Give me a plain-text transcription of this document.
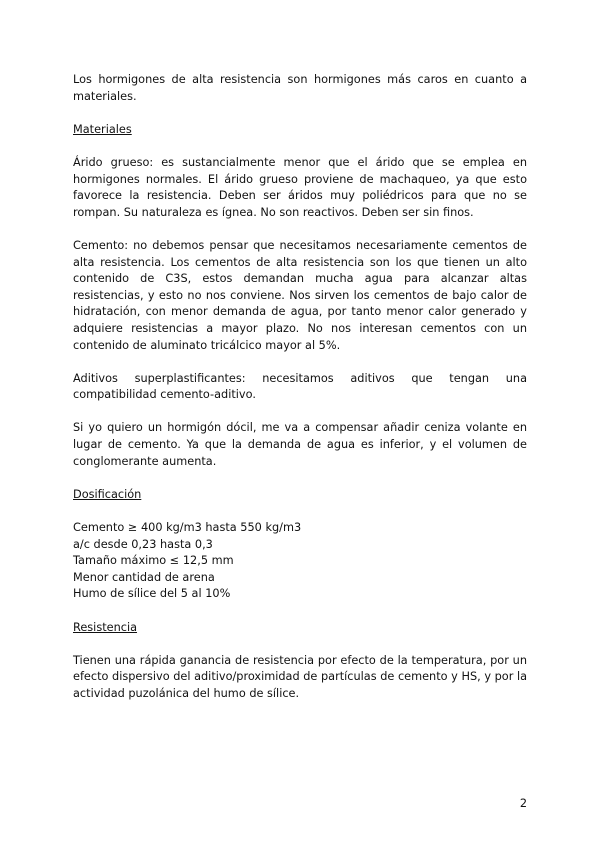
Los hormigones de alta resistencia son hormigones más caros en cuanto a materiales.

Materiales

Árido grueso: es sustancialmente menor que el árido que se emplea en hormigones normales. El árido grueso proviene de machaqueo, ya que esto favorece la resistencia. Deben ser áridos muy poliédricos para que no se rompan. Su naturaleza es ígnea. No son reactivos. Deben ser sin finos.

Cemento: no debemos pensar que necesitamos necesariamente cementos de alta resistencia. Los cementos de alta resistencia son los que tienen un alto contenido de C3S, estos demandan mucha agua para alcanzar altas resistencias, y esto no nos conviene. Nos sirven los cementos de bajo calor de hidratación, con menor demanda de agua, por tanto menor calor generado y adquiere resistencias a mayor plazo. No nos interesan cementos con un contenido de aluminato tricálcico mayor al 5%.

Aditivos superplastificantes: necesitamos aditivos que tengan una compatibilidad cemento-aditivo.

Si yo quiero un hormigón dócil, me va a compensar añadir ceniza volante en lugar de cemento. Ya que la demanda de agua es inferior, y el volumen de conglomerante aumenta.

Dosificación
Cemento ≥ 400 kg/m3 hasta 550 kg/m3
a/c desde 0,23 hasta 0,3
Tamaño máximo ≤ 12,5 mm
Menor cantidad de arena
Humo de sílice del 5 al 10%
Resistencia

Tienen una rápida ganancia de resistencia por efecto de la temperatura, por un efecto dispersivo del aditivo/proximidad de partículas de cemento y HS, y por la actividad puzolánica del humo de sílice.

2
